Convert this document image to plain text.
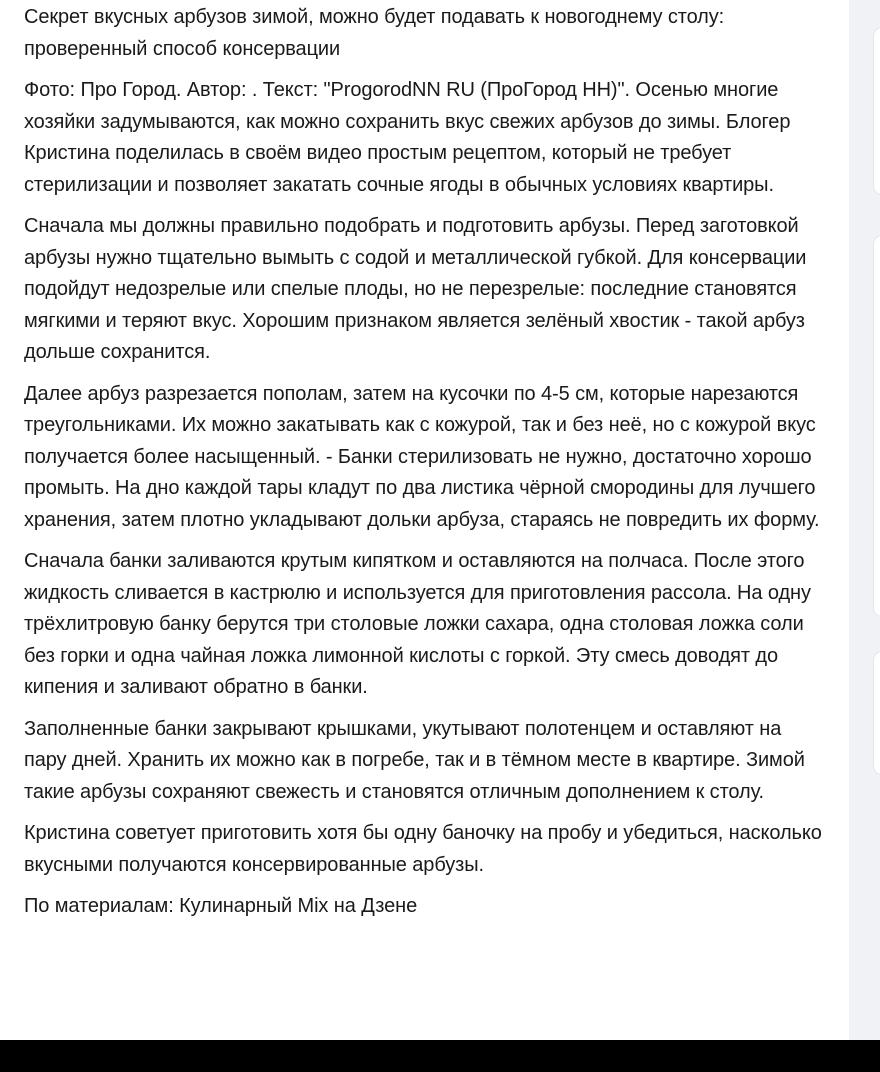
Секрет вкусных арбузов зимой, можно будет подавать к новогоднему столу: проверенный способ консервации

Фото: Про Город. Автор: . Текст: "ProgorodNN RU (ПроГород НН)". Осенью многие хозяйки задумываются, как можно сохранить вкус свежих арбузов до зимы. Блогер Кристина поделилась в своём видео простым рецептом, который не требует стерилизации и позволяет закатать сочные ягоды в обычных условиях квартиры.

Сначала мы должны правильно подобрать и подготовить арбузы. Перед заготовкой арбузы нужно тщательно вымыть с содой и металлической губкой. Для консервации подойдут недозрелые или спелые плоды, но не перезрелые: последние становятся мягкими и теряют вкус. Хорошим признаком является зелёный хвостик - такой арбуз дольше сохранится.

Далее арбуз разрезается пополам, затем на кусочки по 4-5 см, которые нарезаются треугольниками. Их можно закатывать как с кожурой, так и без неё, но с кожурой вкус получается более насыщенный. - Банки стерилизовать не нужно, достаточно хорошо промыть. На дно каждой тары кладут по два листика чёрной смородины для лучшего хранения, затем плотно укладывают дольки арбуза, стараясь не повредить их форму.

Сначала банки заливаются крутым кипятком и оставляются на полчаса. После этого жидкость сливается в кастрюлю и используется для приготовления рассола. На одну трёхлитровую банку берутся три столовые ложки сахара, одна столовая ложка соли без горки и одна чайная ложка лимонной кислоты с горкой. Эту смесь доводят до кипения и заливают обратно в банки.

Заполненные банки закрывают крышками, укутывают полотенцем и оставляют на пару дней. Хранить их можно как в погребе, так и в тёмном месте в квартире. Зимой такие арбузы сохраняют свежесть и становятся отличным дополнением к столу.

Кристина советует приготовить хотя бы одну баночку на пробу и убедиться, насколько вкусными получаются консервированные арбузы.

По материалам: Кулинарный Mix на Дзене
